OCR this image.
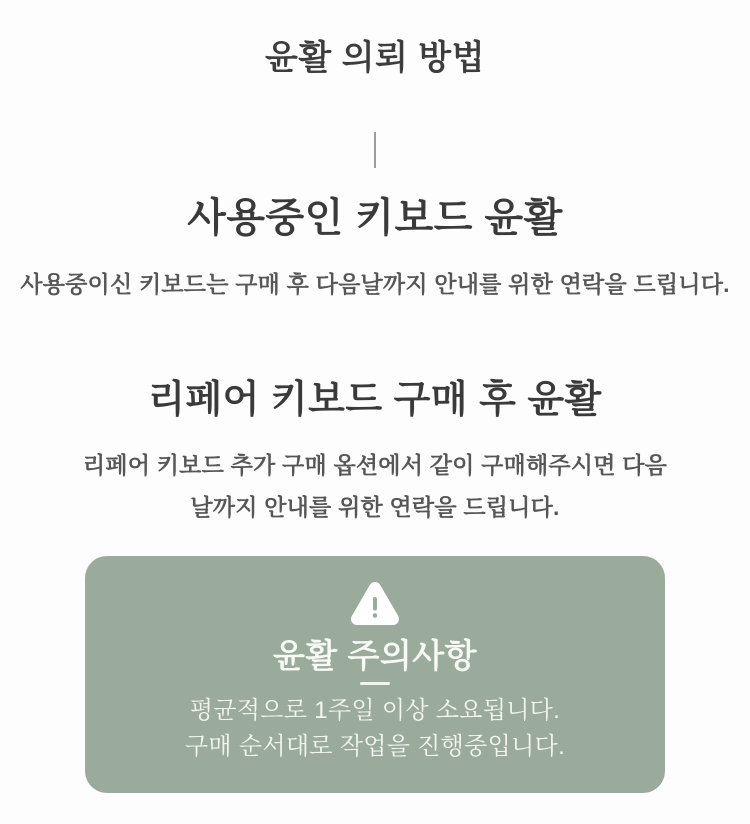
윤활 의뢰 방법
사용중인 키보드 윤활
사용중이신 키보드는 구매 후 다음날까지 안내를 위한 연락을 드립니다.
리페어 키보드 구매 후 윤활
리페어 키보드 추가 구매 옵션에서 같이 구매해주시면 다음날까지 안내를 위한 연락을 드립니다.
윤활 주의사항
평균적으로 1주일 이상 소요됩니다.
구매 순서대로 작업을 진행중입니다.
